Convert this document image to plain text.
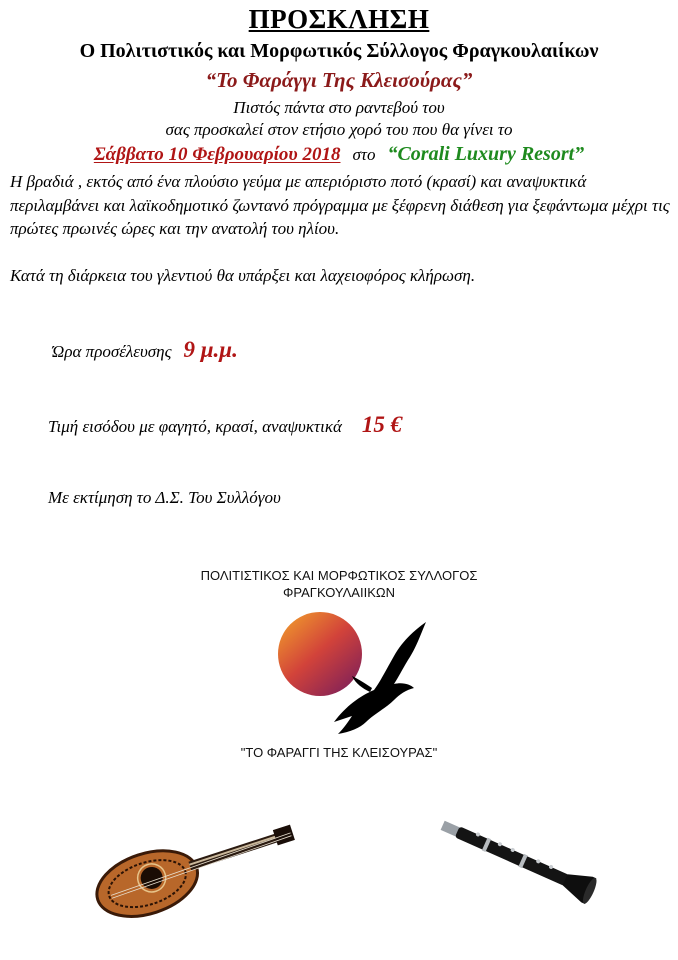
ΠΡΟΣΚΛΗΣΗ
Ο Πολιτιστικός και Μορφωτικός Σύλλογος Φραγκουλαιίκων
“Το Φαράγγι Της Κλεισούρας”
Πιστός πάντα στο ραντεβού του
σας προσκαλεί στον ετήσιο χορό του που θα γίνει το
Σάββατο 10 Φεβρουαρίου 2018 στο “Corali Luxury Resort”
Η βραδιά , εκτός από ένα πλούσιο γεύμα με απεριόριστο ποτό (κρασί) και αναψυκτικά περιλαμβάνει και λαϊκοδημοτικό ζωντανό πρόγραμμα με ξέφρενη διάθεση για ξεφάντωμα μέχρι τις πρώτες πρωινές ώρες και την ανατολή του ηλίου.
Κατά τη διάρκεια του γλεντιού θα υπάρξει και λαχειοφόρος κλήρωση.
Ώρα προσέλευσης 9 μ.μ.
Τιμή εισόδου με φαγητό, κρασί, αναψυκτικά 15 €
Με εκτίμηση το Δ.Σ. Του Συλλόγου
ΠΟΛΙΤΙΣΤΙΚΟΣ ΚΑΙ ΜΟΡΦΩΤΙΚΟΣ ΣΥΛΛΟΓΟΣ
ΦΡΑΓΚΟΥΛΑΙΙΚΩΝ
"ΤΟ ΦΑΡΑΓΓΙ ΤΗΣ ΚΛΕΙΣΟΥΡΑΣ"
